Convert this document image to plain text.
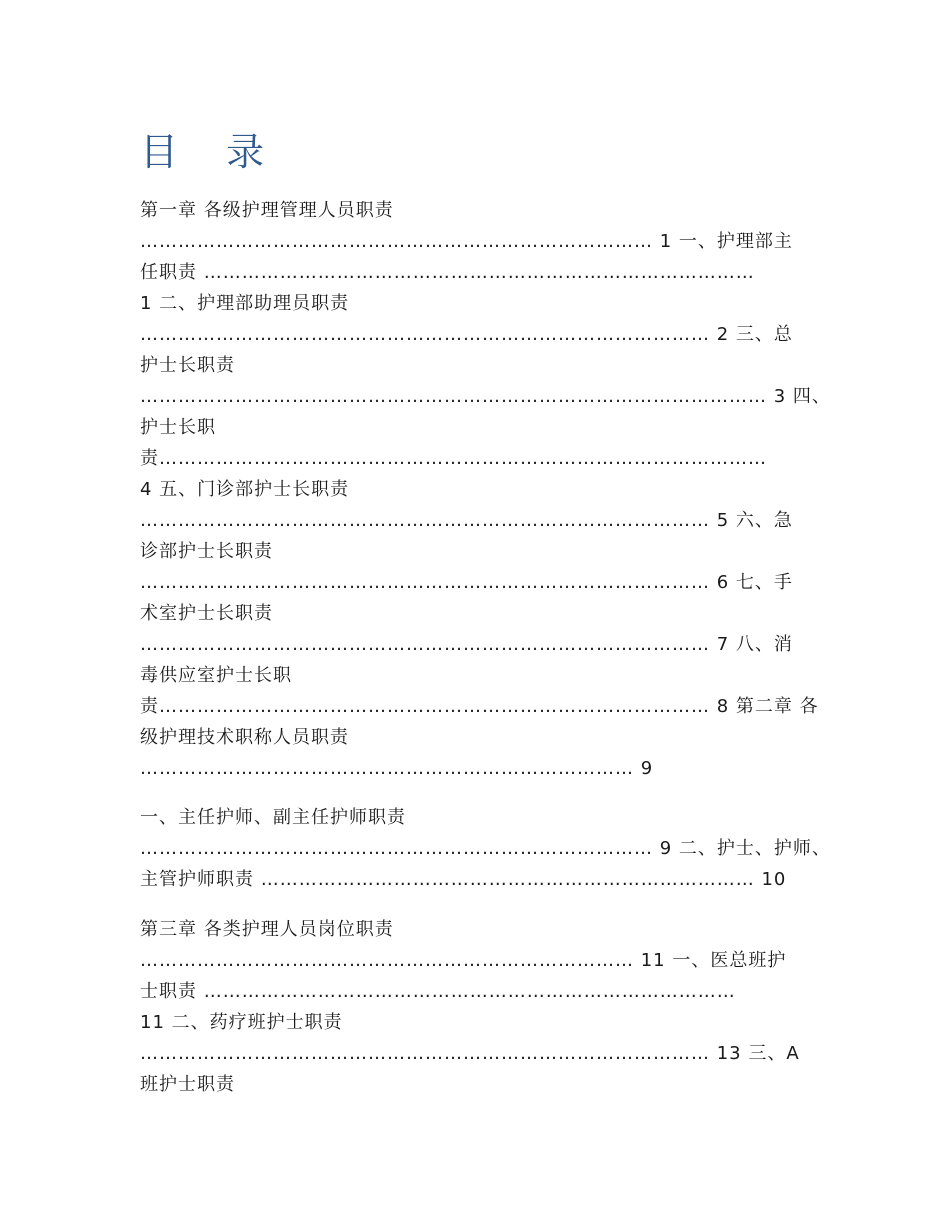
目 录
第一章 各级护理管理人员职责
……………………………………………………………………… 1 一、护理部主
任职责 ……………………………………………………………………………
1 二、护理部助理员职责
……………………………………………………………………………… 2 三、总
护士长职责
……………………………………………………………………………………… 3 四、
护士长职
责……………………………………………………………………………………
4 五、门诊部护士长职责
……………………………………………………………………………… 5 六、急
诊部护士长职责
……………………………………………………………………………… 6 七、手
术室护士长职责
……………………………………………………………………………… 7 八、消
毒供应室护士长职
责…………………………………………………………………………… 8 第二章 各
级护理技术职称人员职责
…………………………………………………………………… 9
一、主任护师、副主任护师职责
……………………………………………………………………… 9 二、护士、护师、
主管护师职责 …………………………………………………………………… 10
第三章 各类护理人员岗位职责
…………………………………………………………………… 11 一、医总班护
士职责 …………………………………………………………………………
11 二、药疗班护士职责
……………………………………………………………………………… 13 三、A
班护士职责
